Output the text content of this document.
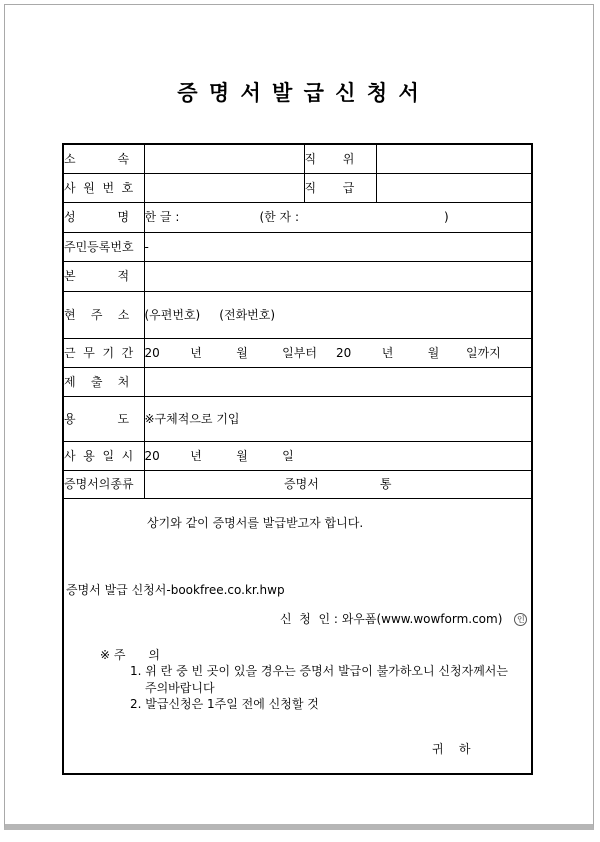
증 명 서 발 급 신 청 서
소           속		직       위	
사  원  번  호		직       급	
성           명	한 글 :                     (한 자 :                                      )		
주민등록번호	-		
본           적			
현    주    소	(우편번호)     (전화번호)		
근  무  기  간	20        년         월         일부터     20        년         월       일까지		
제    출    처			
용           도	※구체적으로 기입		
사  용  일  시	20        년         월         일		
증명서의종류	증명서                통		

상기와 같이 증명서를 발급받고자 합니다.

증명서 발급 신청서-bookfree.co.kr.hwp

신  청  인 : 와우폼(www.wowform.com) 인

※ 주      의

1. 위 란 중 빈 곳이 있을 경우는 증명서 발급이 불가하오니 신청자께서는

주의바랍니다

2. 발급신청은 1주일 전에 신청할 것

귀    하
